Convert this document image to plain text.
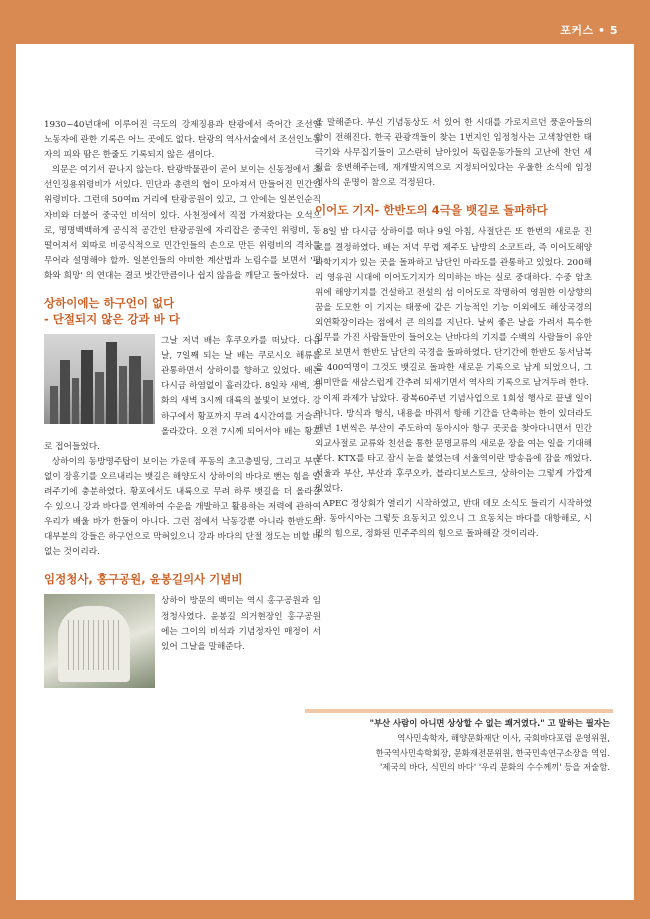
포커스 • 5

1930~40년대에 이루어진 극도의 강제징용과 탄광에서 죽어간 조선인 노동자에 관한 기록은 어느 곳에도 없다. 탄광의 역사서술에서 조선인노동자의 피와 땀은 한줄도 기록되지 않은 셈이다.

의문은 여기서 끝나지 않는다. 탄광박물관이 곧어 보이는 신동정에서 조선인징용위령비가 서있다. 민단과 총련의 협이 모아져서 만들어진 민간인 위령비다. 그런데 50여m 거리에 탄광공원이 있고, 그 안에는 일본인순직자비와 더불어 중국인 비석이 있다. 사천정에서 직접 가져왔다는 오석으로, 명명백백하게 공식적 공간인 탄광공원에 자리잡은 중국인 위령비, 동떨어져서 외따로 비공식적으로 민간인들의 손으로 만든 위령비의 격차를 무어라 설명해야 할까. 일본인들의 야비한 계산법과 노림수를 보면서 '평화와 희망' 의 연대는 결코 벗간만큼이나 쉽지 않음을 깨닫고 돌아섰다.

상하이에는 하구언이 없다
- 단절되지 않은 강과 바 다

그날 저녁 배는 후쿠오카를 떠났다. 다음날, 7일째 되는 날 배는 쿠로시오 해류를 관통하면서 상하이를 향하고 있었다. 배는 다시금 하염없이 흘러갔다. 8일차 새벽, 정화의 새벽 3시께 대륙의 불빛이 보였다. 강 하구에서 황포까지 무려 4시간여를 거슬러 올라갔다. 오전 7시께 되어서야 배는 황포로 접어들었다.

상하이의 동방명주탑이 보이는 가운데 푸동의 초고층빌딩, 그리고 부단 없이 장흥기를 오르내리는 뱃길은 해양도시 상하이의 바다로 뻔는 힘을 알려주기에 충분하였다. 황포에서도 내륙으로 무려 하루 뱃길을 더 올라갈 수 있으니 강과 바다를 연계하여 수운을 개발하고 활용하는 저력에 관하여 우리가 배울 바가 한둘이 아니다. 그런 점에서 낙동강뿐 아니라 한반도의 대부분의 강들은 하구언으로 막혀있으니 강과 바다의 단절 정도는 비할 바 없는 것이리라.

임정청사, 홍구공원, 윤봉길의사 기념비

상하이 방문의 백미는 역시 홍구공원과 임정청사였다. 윤봉길 의거현장인 홍구공원에는 그이의 비석과 기념정자인 매정이 서 있어 그날을 말해준다.

을 말해준다. 부신 기념동상도 서 있어 한 시대를 가로지르던 풍운아들의 함이 전해진다. 한국 관광객들이 찾는 1번지인 임정청사는 고색창연한 태극기와 사무집기들이 고스란히 남아있어 독립운동가들의 고난에 찬던 세월을 웅변해주는데, 재개발지역으로 지정되어있다는 우울한 소식에 임정청사의 운명이 참으로 걱정된다.

이어도 기지- 한반도의 4극을 뱃길로 돌파하다

8일 밤 다시금 상하이를 떠나 9일 아침, 사절단은 또 한번의 새로운 진로를 결정하였다. 배는 저녁 무렵 제주도 남방의 소코트라, 즉 이어도해양과학기지가 있는 곳을 돌파하고 남단인 마라도를 관통하고 있었다. 200해리 영유권 시대에 이어도기지가 의미하는 바는 실로 중대하다. 수중 암초 위에 해양기지를 건설하고 전설의 섬 이어도로 작명하여 영원한 이상향의 꿈을 도모한 이 기지는 태풍에 같은 기능적인 기능 이외에도 해상국경의 외연확장이라는 점에서 큰 의의를 지닌다. 날씨 좋은 날을 가려서 특수한 임무를 가진 사람들만이 들어오는 난바다의 기지를 수백의 사람들이 유안으로 보면서 한반도 남단의 국경을 돌파하였다. 단기간에 한반도 동서남북을 400여명이 그것도 뱃길로 돌파한 새로운 기록으로 남게 되었으니, 그 의미만을 새삼스럽게 간추려 되새기면서 역사의 기록으로 남겨두려 한다.

이제 과제가 남았다. 광복60주년 기념사업으로 1회성 행사로 끝낼 일이 아니다. 방식과 형식, 내용을 바꿔서 항해 기간을 단축하는 한이 있더라도 매년 1번씩은 부산이 주도하여 동아시아 항구 곳곳을 찾아다니면서 민간외교사절로 교류와 친선을 통한 문명교류의 새로운 장을 여는 일을 기대해 본다. KTX를 타고 잠시 눈을 붙였는데 서울역이란 방송음에 잠을 깨었다. 서울과 부산, 부산과 후쿠오카, 블라디보스토크, 상하이는 그렇게 가깝게 있었다.

APEC 정상회가 열리기 시작하였고, 반대 데모 소식도 들리기 시작하였다. 동아시아는 그렇듯 요동치고 있으니 그 요동치는 바다를 대항해로, 시민의 힘으로, 정화된 민주주의의 힘으로 돌파해갈 것이리라.

"부산 사람이 아니면 상상할 수 없는 쾌거였다." 고 말하는 필자는
역사민속학자, 해양문화재단 이사, 국회바다포럼 운영위원,
한국역사민속학회장, 문화재전문위원, 한국민속연구소장을 역임.
'제국의 바다, 식민의 바다' '우리 문화의 수수께끼' 등을 저술함.
